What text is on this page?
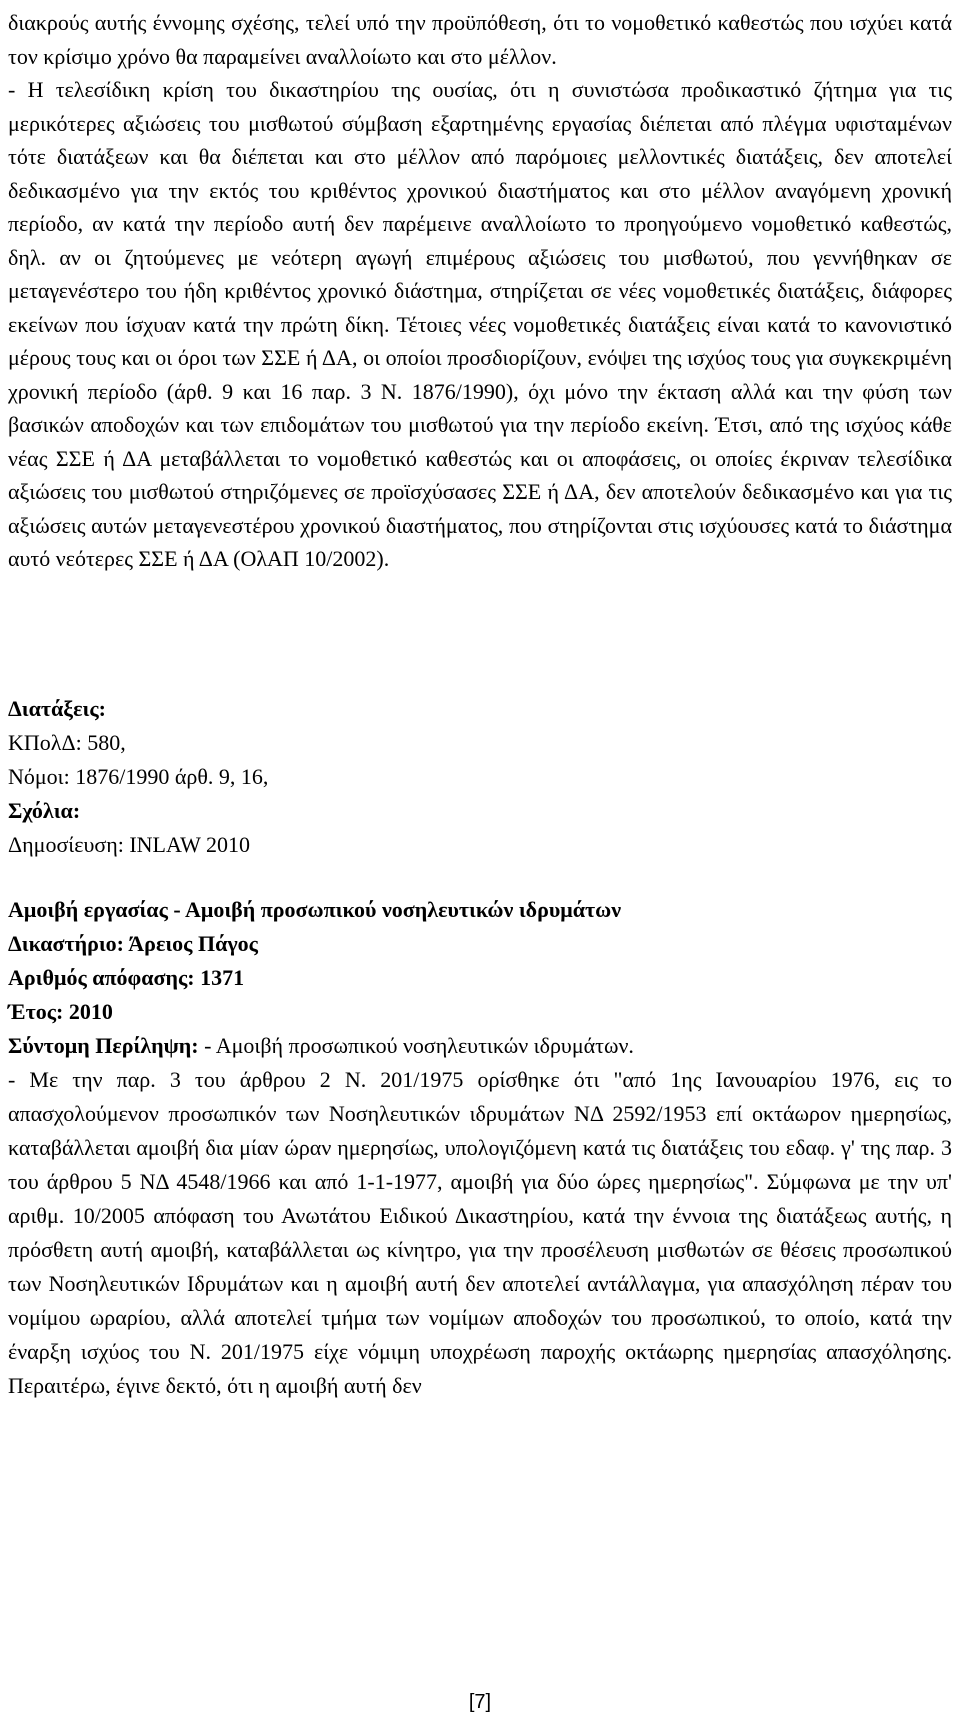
διακρούς αυτής έννομης σχέσης, τελεί υπό την προϋπόθεση, ότι το νομοθετικό καθεστώς που ισχύει κατά τον κρίσιμο χρόνο θα παραμείνει αναλλοίωτο και στο μέλλον.

- Η τελεσίδικη κρίση του δικαστηρίου της ουσίας, ότι η συνιστώσα προδικαστικό ζήτημα για τις μερικότερες αξιώσεις του μισθωτού σύμβαση εξαρτημένης εργασίας διέπεται από πλέγμα υφισταμένων τότε διατάξεων και θα διέπεται και στο μέλλον από παρόμοιες μελλοντικές διατάξεις, δεν αποτελεί δεδικασμένο για την εκτός του κριθέντος χρονικού διαστήματος και στο μέλλον αναγόμενη χρονική περίοδο, αν κατά την περίοδο αυτή δεν παρέμεινε αναλλοίωτο το προηγούμενο νομοθετικό καθεστώς, δηλ. αν οι ζητούμενες με νεότερη αγωγή επιμέρους αξιώσεις του μισθωτού, που γεννήθηκαν σε μεταγενέστερο του ήδη κριθέντος χρονικό διάστημα, στηρίζεται σε νέες νομοθετικές διατάξεις, διάφορες εκείνων που ίσχυαν κατά την πρώτη δίκη. Τέτοιες νέες νομοθετικές διατάξεις είναι κατά το κανονιστικό μέρους τους και οι όροι των ΣΣΕ ή ΔΑ, οι οποίοι προσδιορίζουν, ενόψει της ισχύος τους για συγκεκριμένη χρονική περίοδο (άρθ. 9 και 16 παρ. 3 Ν. 1876/1990), όχι μόνο την έκταση αλλά και την φύση των βασικών αποδοχών και των επιδομάτων του μισθωτού για την περίοδο εκείνη. Έτσι, από της ισχύος κάθε νέας ΣΣΕ ή ΔΑ μεταβάλλεται το νομοθετικό καθεστώς και οι αποφάσεις, οι οποίες έκριναν τελεσίδικα αξιώσεις του μισθωτού στηριζόμενες σε προϊσχύσασες ΣΣΕ ή ΔΑ, δεν αποτελούν δεδικασμένο και για τις αξιώσεις αυτών μεταγενεστέρου χρονικού διαστήματος, που στηρίζονται στις ισχύουσες κατά το διάστημα αυτό νεότερες ΣΣΕ ή ΔΑ (ΟλΑΠ 10/2002).

Διατάξεις:

ΚΠολΔ: 580,

Νόμοι: 1876/1990 άρθ. 9, 16,

Σχόλια:

Δημοσίευση: INLAW 2010

Αμοιβή εργασίας - Αμοιβή προσωπικού νοσηλευτικών ιδρυμάτων

Δικαστήριο: Άρειος Πάγος

Αριθμός απόφασης: 1371

Έτος: 2010

Σύντομη Περίληψη: - Αμοιβή προσωπικού νοσηλευτικών ιδρυμάτων.

- Με την παρ. 3 του άρθρου 2 Ν. 201/1975 ορίσθηκε ότι "από 1ης Ιανουαρίου 1976, εις το απασχολούμενον προσωπικόν των Νοσηλευτικών ιδρυμάτων ΝΔ 2592/1953 επί οκτάωρον ημερησίως, καταβάλλεται αμοιβή δια μίαν ώραν ημερησίως, υπολογιζόμενη κατά τις διατάξεις του εδαφ. γ' της παρ. 3 του άρθρου 5 ΝΔ 4548/1966 και από 1-1-1977, αμοιβή για δύο ώρες ημερησίως". Σύμφωνα με την υπ' αριθμ. 10/2005 απόφαση του Ανωτάτου Ειδικού Δικαστηρίου, κατά την έννοια της διατάξεως αυτής, η πρόσθετη αυτή αμοιβή, καταβάλλεται ως κίνητρο, για την προσέλευση μισθωτών σε θέσεις προσωπικού των Νοσηλευτικών Ιδρυμάτων και η αμοιβή αυτή δεν αποτελεί αντάλλαγμα, για απασχόληση πέραν του νομίμου ωραρίου, αλλά αποτελεί τμήμα των νομίμων αποδοχών του προσωπικού, το οποίο, κατά την έναρξη ισχύος του Ν. 201/1975 είχε νόμιμη υποχρέωση παροχής οκτάωρης ημερησίας απασχόλησης. Περαιτέρω, έγινε δεκτό, ότι η αμοιβή αυτή δεν

[7]
